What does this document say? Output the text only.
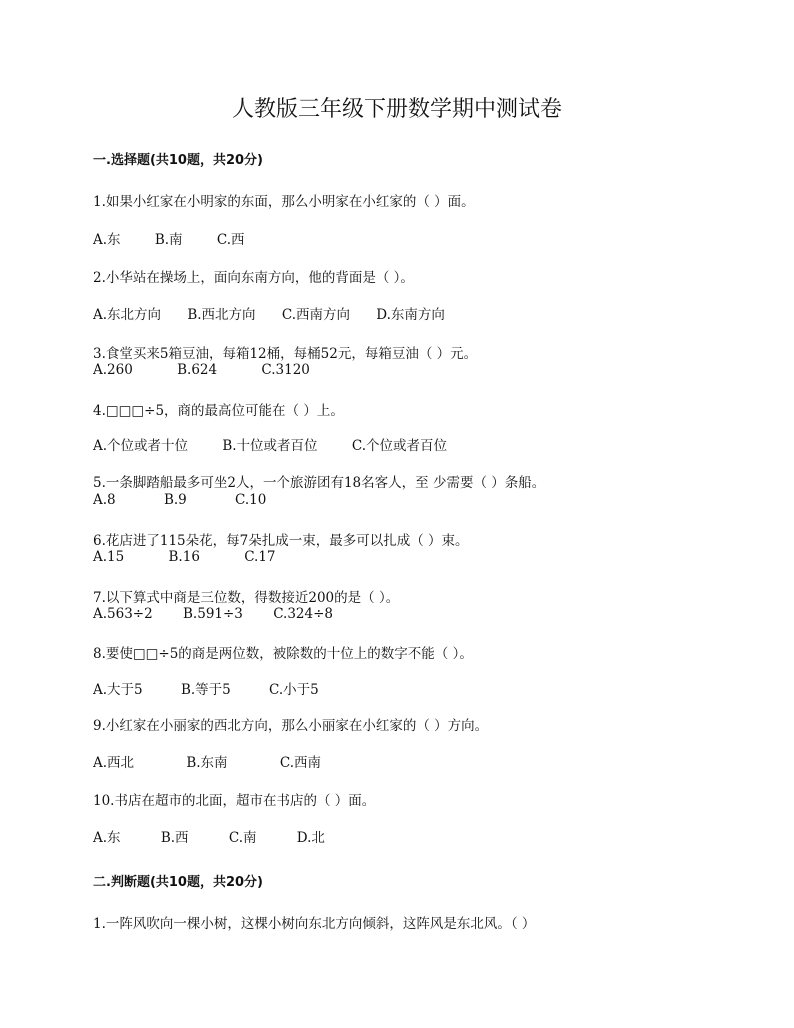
人教版三年级下册数学期中测试卷
一.选择题(共10题，共20分)
1.如果小红家在小明家的东面，那么小明家在小红家的（ ）面。
A.东	B.南	C.西
2.小华站在操场上，面向东南方向，他的背面是（ ）。
A.东北方向 B.西北方向 C.西南方向 D.东南方向
3.食堂买来5箱豆油，每箱12桶，每桶52元，每箱豆油（ ）元。
A.260	B.624	C.3120
4.□□□÷5，商的最高位可能在（ ）上。
A.个位或者十位	B.十位或者百位	C.个位或者百位
5.一条脚踏船最多可坐2人，一个旅游团有18名客人，至 少需要（ ）条船。
A.8	B.9	C.10
6.花店进了115朵花，每7朵扎成一束，最多可以扎成（ ）束。
A.15	B.16	C.17
7.以下算式中商是三位数，得数接近200的是（ ）。
A.563÷2 B.591÷3 C.324÷8
8.要使□□÷5的商是两位数，被除数的十位上的数字不能（ ）。
A.大于5	B.等于5	C.小于5
9.小红家在小丽家的西北方向，那么小丽家在小红家的（ ）方向。
A.西北	B.东南	C.西南
10.书店在超市的北面，超市在书店的（ ）面。
A.东	B.西	C.南	D.北
二.判断题(共10题，共20分)
1.一阵风吹向一棵小树，这棵小树向东北方向倾斜，这阵风是东北风。（ ）
